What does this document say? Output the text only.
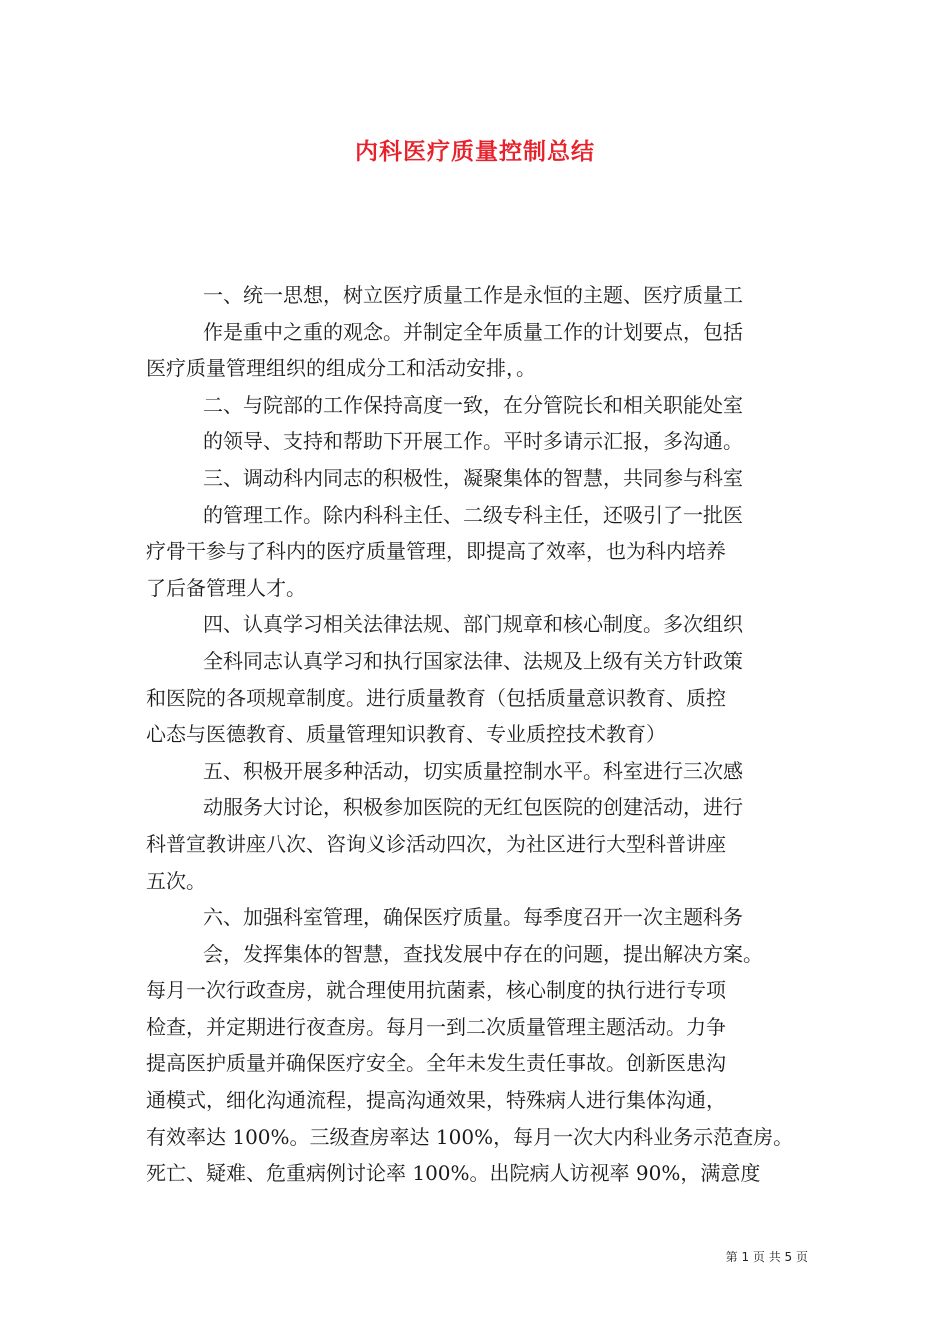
内科医疗质量控制总结
一、统一思想，树立医疗质量工作是永恒的主题、医疗质量工
作是重中之重的观念。并制定全年质量工作的计划要点，包括
医疗质量管理组织的组成分工和活动安排，。
二、与院部的工作保持高度一致，在分管院长和相关职能处室
的领导、支持和帮助下开展工作。平时多请示汇报，多沟通。
三、调动科内同志的积极性，凝聚集体的智慧，共同参与科室
的管理工作。除内科科主任、二级专科主任，还吸引了一批医
疗骨干参与了科内的医疗质量管理，即提高了效率，也为科内培养
了后备管理人才。
四、认真学习相关法律法规、部门规章和核心制度。多次组织
全科同志认真学习和执行国家法律、法规及上级有关方针政策
和医院的各项规章制度。进行质量教育（包括质量意识教育、质控
心态与医德教育、质量管理知识教育、专业质控技术教育）
五、积极开展多种活动，切实质量控制水平。科室进行三次感
动服务大讨论，积极参加医院的无红包医院的创建活动，进行
科普宣教讲座八次、咨询义诊活动四次，为社区进行大型科普讲座
五次。
六、加强科室管理，确保医疗质量。每季度召开一次主题科务
会，发挥集体的智慧，查找发展中存在的问题，提出解决方案。
每月一次行政查房，就合理使用抗菌素，核心制度的执行进行专项
检查，并定期进行夜查房。每月一到二次质量管理主题活动。力争
提高医护质量并确保医疗安全。全年未发生责任事故。创新医患沟
通模式，细化沟通流程，提高沟通效果，特殊病人进行集体沟通，
有效率达 100%。三级查房率达 100%，每月一次大内科业务示范查房。
死亡、疑难、危重病例讨论率 100%。出院病人访视率 90%，满意度
第 1 页 共 5 页
